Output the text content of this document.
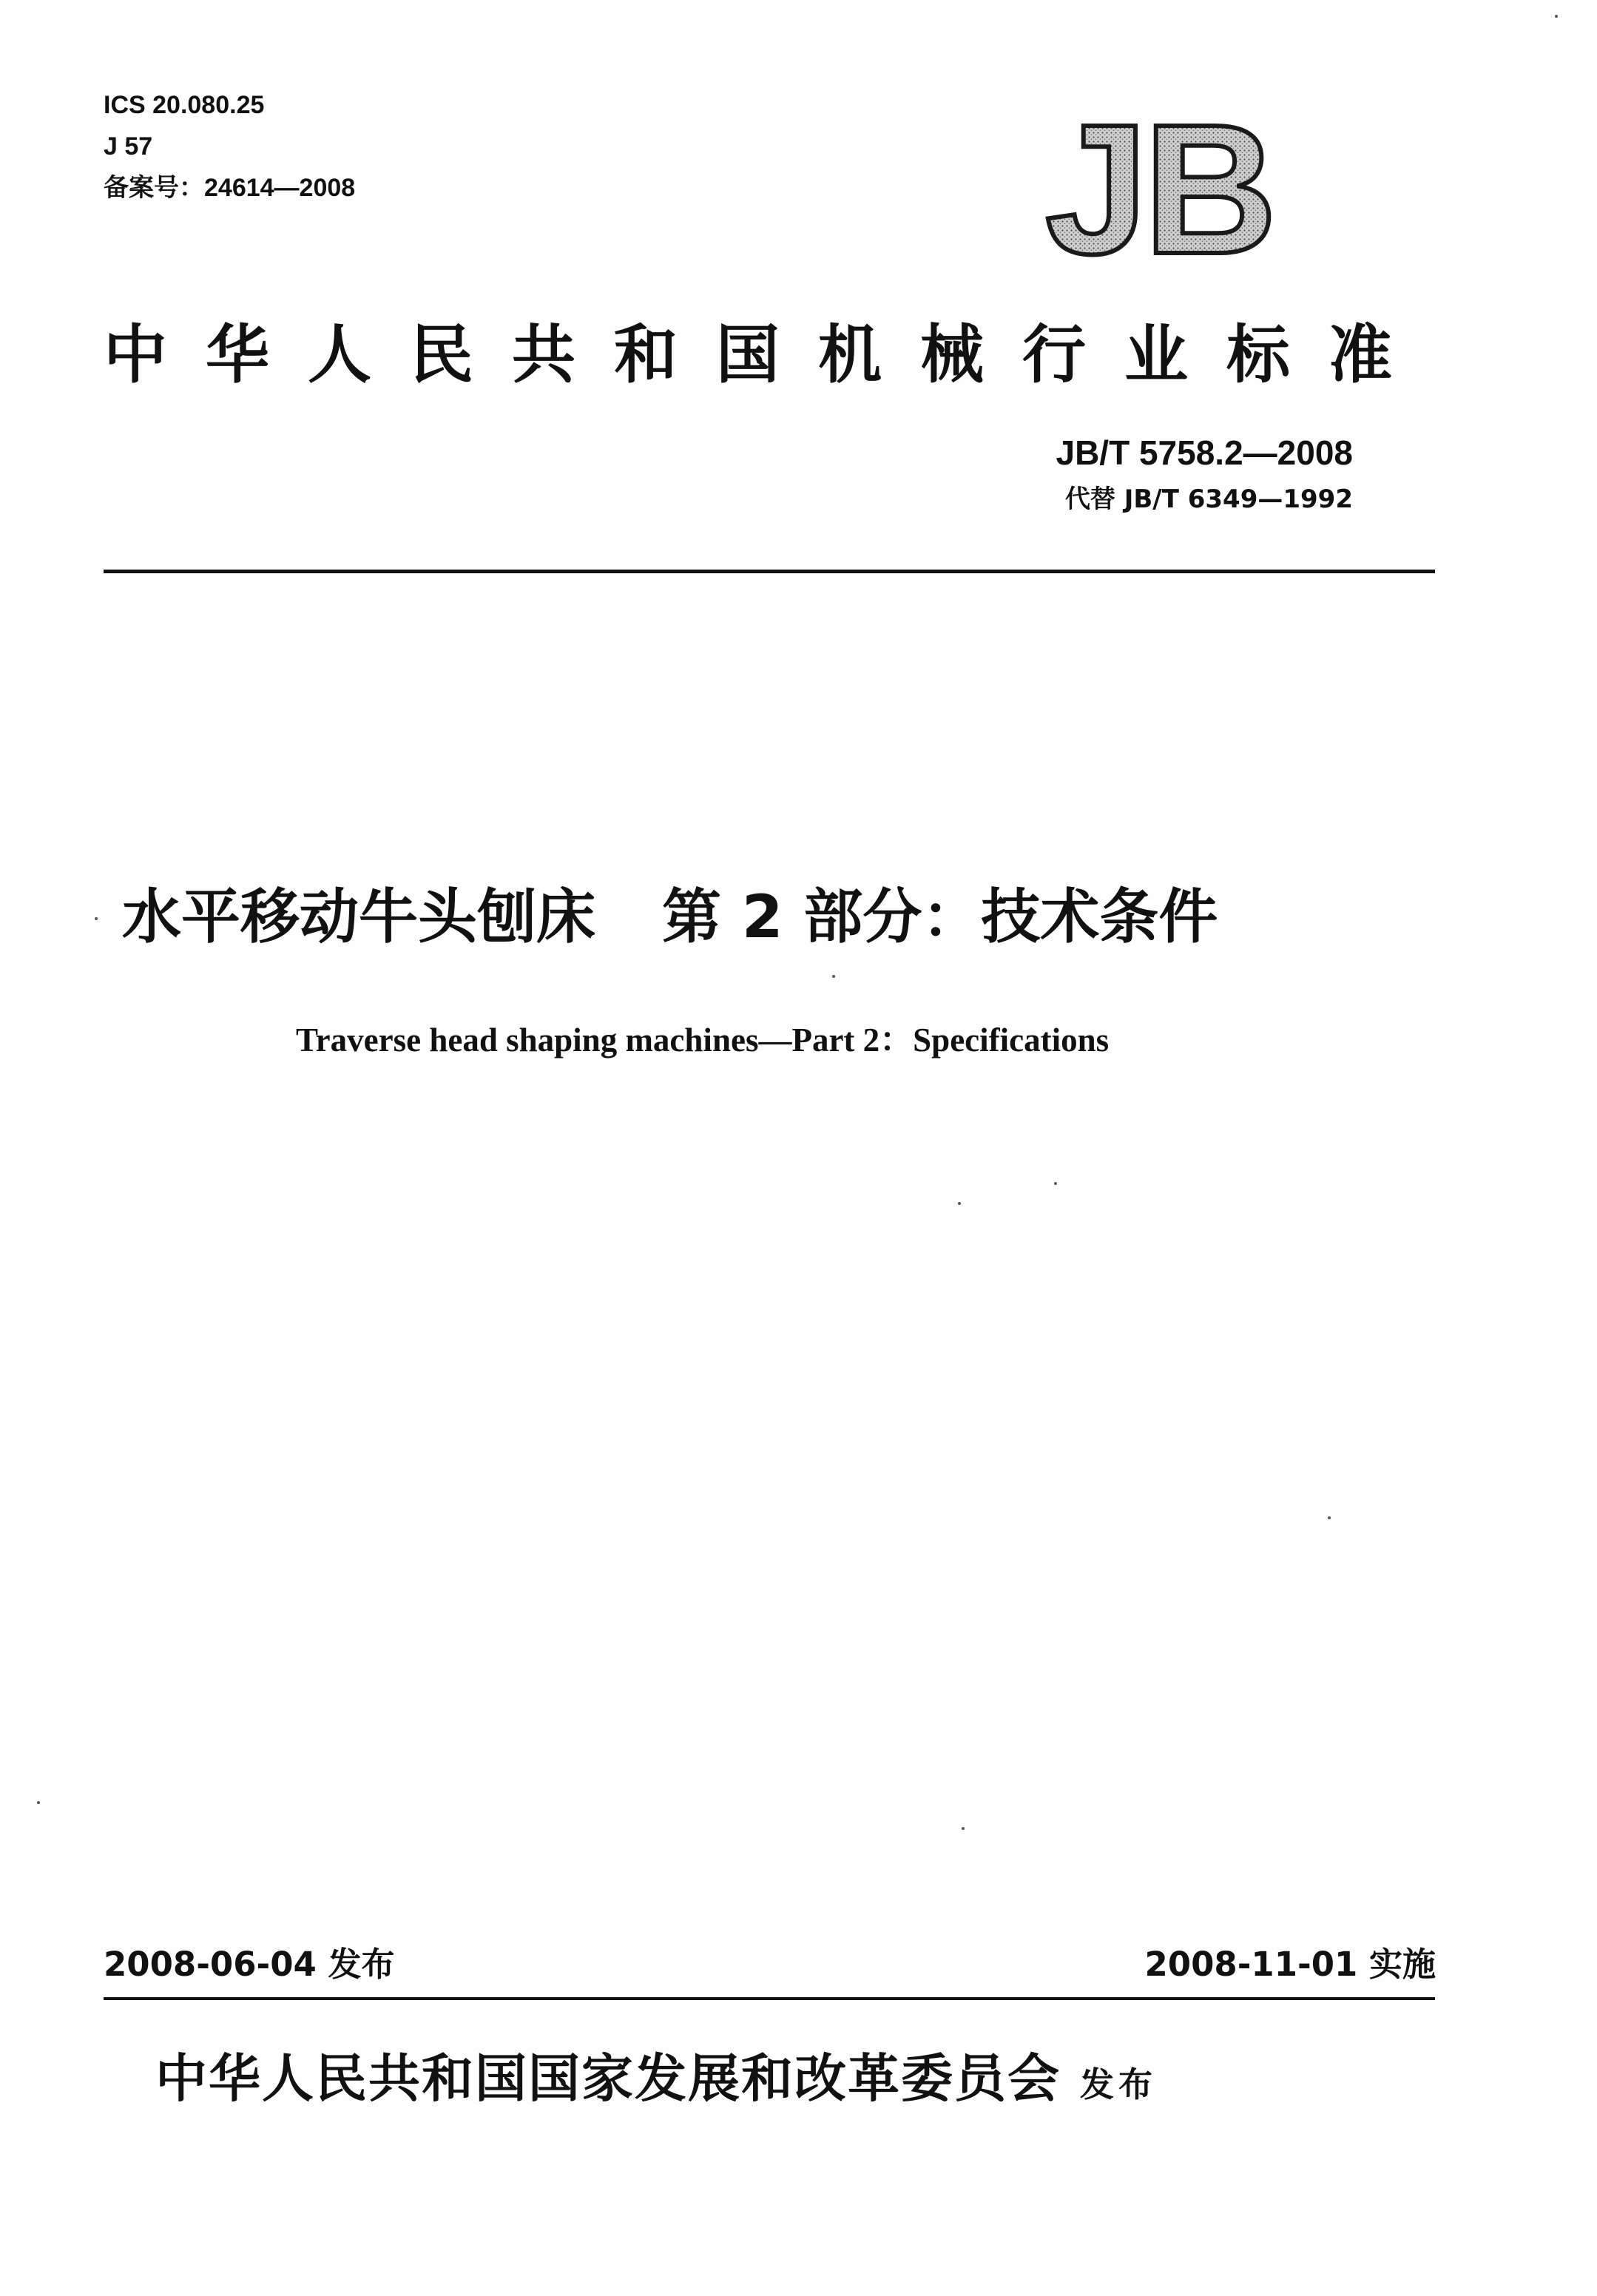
ICS 20.080.25
J 57
备案号：24614—2008	JB
中华人民共和国机械行业标准
JB/T 5758.2—2008
代替 JB/T 6349—1992
水平移动牛头刨床 第 2 部分：技术条件
Traverse head shaping machines—Part 2：Specifications
2008-06-04 发布	2008-11-01 实施
中华人民共和国国家发展和改革委员会 发布
